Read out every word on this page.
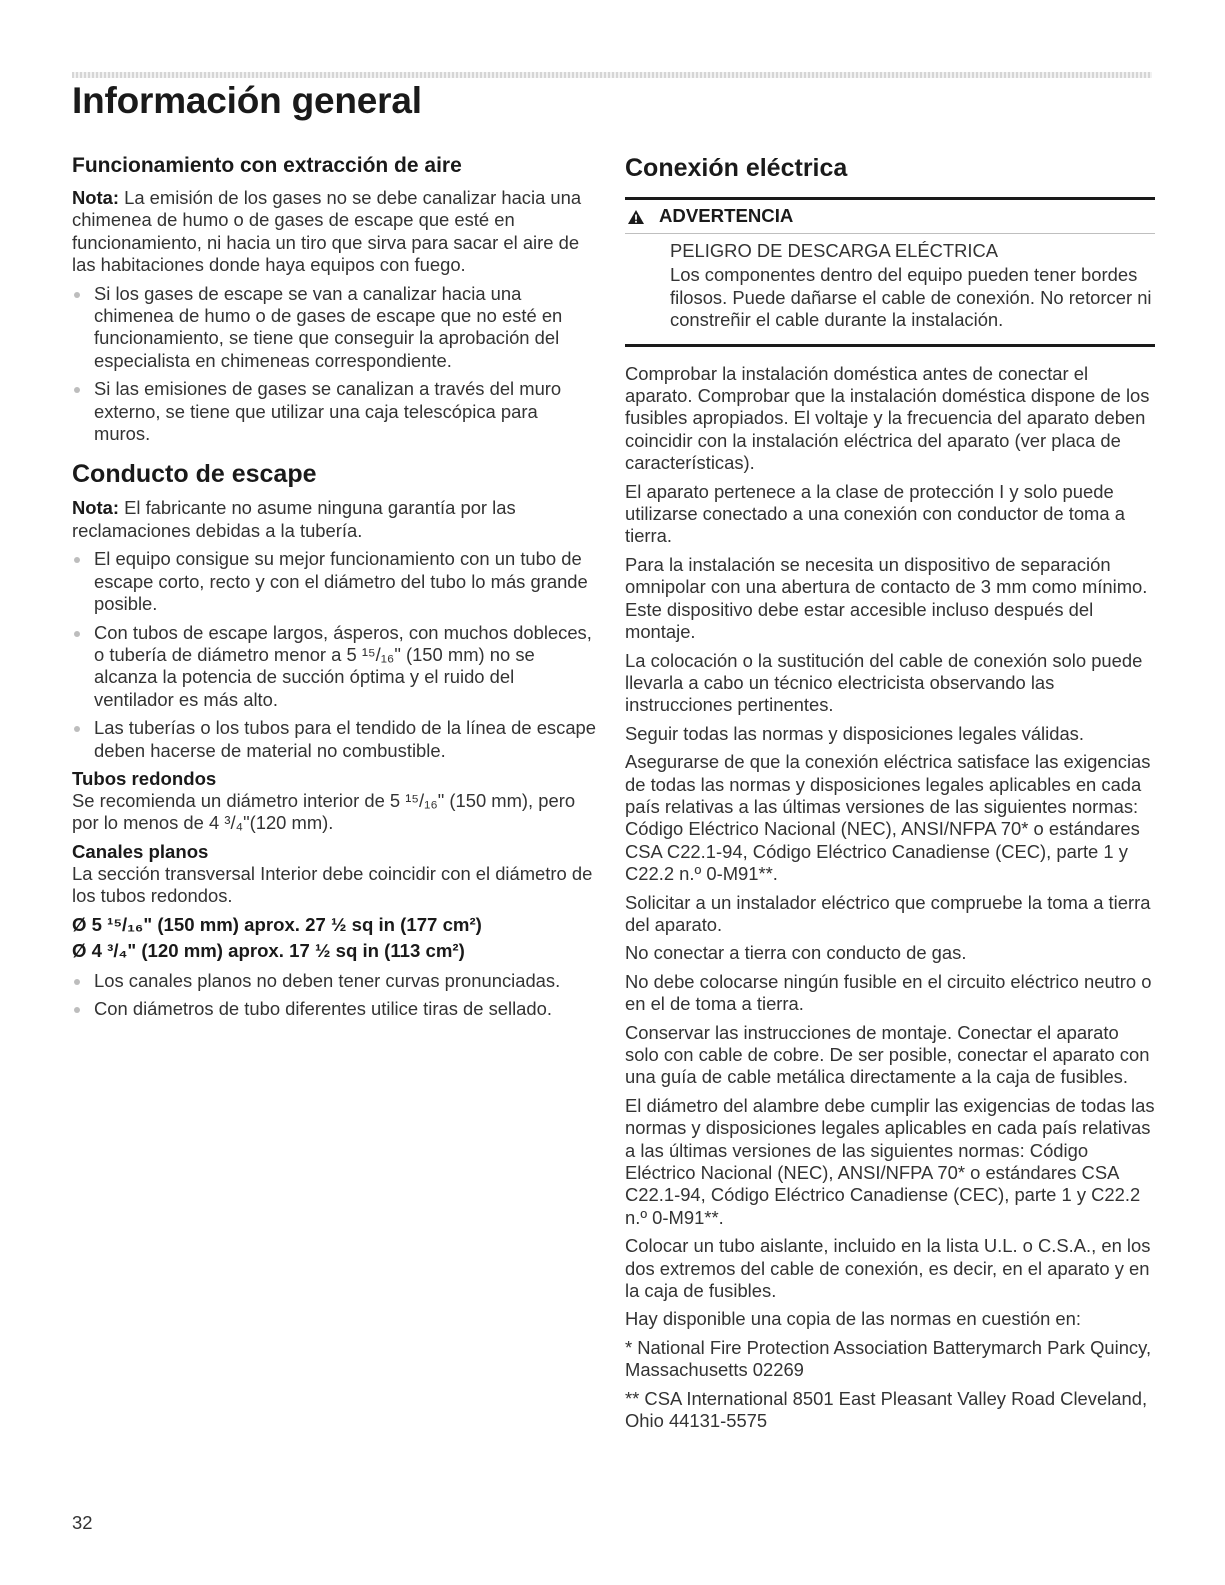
Información general
Funcionamiento con extracción de aire

Nota: La emisión de los gases no se debe canalizar hacia una chimenea de humo o de gases de escape que esté en funcionamiento, ni hacia un tiro que sirva para sacar el aire de las habitaciones donde haya equipos con fuego.

Si los gases de escape se van a canalizar hacia una chimenea de humo o de gases de escape que no esté en funcionamiento, se tiene que conseguir la aprobación del especialista en chimeneas correspondiente.
Si las emisiones de gases se canalizan a través del muro externo, se tiene que utilizar una caja telescópica para muros.
Conducto de escape

Nota: El fabricante no asume ninguna garantía por las reclamaciones debidas a la tubería.

El equipo consigue su mejor funcionamiento con un tubo de escape corto, recto y con el diámetro del tubo lo más grande posible.
Con tubos de escape largos, ásperos, con muchos dobleces, o tubería de diámetro menor a 5 ¹⁵/₁₆" (150 mm) no se alcanza la potencia de succión óptima y el ruido del ventilador es más alto.
Las tuberías o los tubos para el tendido de la línea de escape deben hacerse de material no combustible.
Tubos redondos

Se recomienda un diámetro interior de 5 ¹⁵/₁₆" (150 mm), pero por lo menos de 4 ³/₄"(120 mm).

Canales planos

La sección transversal Interior debe coincidir con el diámetro de los tubos redondos.

Ø 5 ¹⁵/₁₆" (150 mm) aprox. 27 ½ sq in (177 cm²)
Ø 4 ³/₄" (120 mm) aprox. 17 ½ sq in (113 cm²)
Los canales planos no deben tener curvas pronunciadas.
Con diámetros de tubo diferentes utilice tiras de sellado.
Conexión eléctrica
ADVERTENCIA

PELIGRO DE DESCARGA ELÉCTRICA

Los componentes dentro del equipo pueden tener bordes filosos. Puede dañarse el cable de conexión. No retorcer ni constreñir el cable durante la instalación.

Comprobar la instalación doméstica antes de conectar el aparato. Comprobar que la instalación doméstica dispone de los fusibles apropiados. El voltaje y la frecuencia del aparato deben coincidir con la instalación eléctrica del aparato (ver placa de características).

El aparato pertenece a la clase de protección I y solo puede utilizarse conectado a una conexión con conductor de toma a tierra.

Para la instalación se necesita un dispositivo de separación omnipolar con una abertura de contacto de 3 mm como mínimo. Este dispositivo debe estar accesible incluso después del montaje.

La colocación o la sustitución del cable de conexión solo puede llevarla a cabo un técnico electricista observando las instrucciones pertinentes.

Seguir todas las normas y disposiciones legales válidas.

Asegurarse de que la conexión eléctrica satisface las exigencias de todas las normas y disposiciones legales aplicables en cada país relativas a las últimas versiones de las siguientes normas: Código Eléctrico Nacional (NEC), ANSI/NFPA 70* o estándares CSA C22.1-94, Código Eléctrico Canadiense (CEC), parte 1 y C22.2 n.º 0-M91**.

Solicitar a un instalador eléctrico que compruebe la toma a tierra del aparato.

No conectar a tierra con conducto de gas.

No debe colocarse ningún fusible en el circuito eléctrico neutro o en el de toma a tierra.

Conservar las instrucciones de montaje. Conectar el aparato solo con cable de cobre. De ser posible, conectar el aparato con una guía de cable metálica directamente a la caja de fusibles.

El diámetro del alambre debe cumplir las exigencias de todas las normas y disposiciones legales aplicables en cada país relativas a las últimas versiones de las siguientes normas: Código Eléctrico Nacional (NEC), ANSI/NFPA 70* o estándares CSA C22.1-94, Código Eléctrico Canadiense (CEC), parte 1 y C22.2 n.º 0-M91**.

Colocar un tubo aislante, incluido en la lista U.L. o C.S.A., en los dos extremos del cable de conexión, es decir, en el aparato y en la caja de fusibles.

Hay disponible una copia de las normas en cuestión en:

* National Fire Protection Association Batterymarch Park Quincy, Massachusetts 02269

** CSA International 8501 East Pleasant Valley Road Cleveland, Ohio 44131-5575

32
